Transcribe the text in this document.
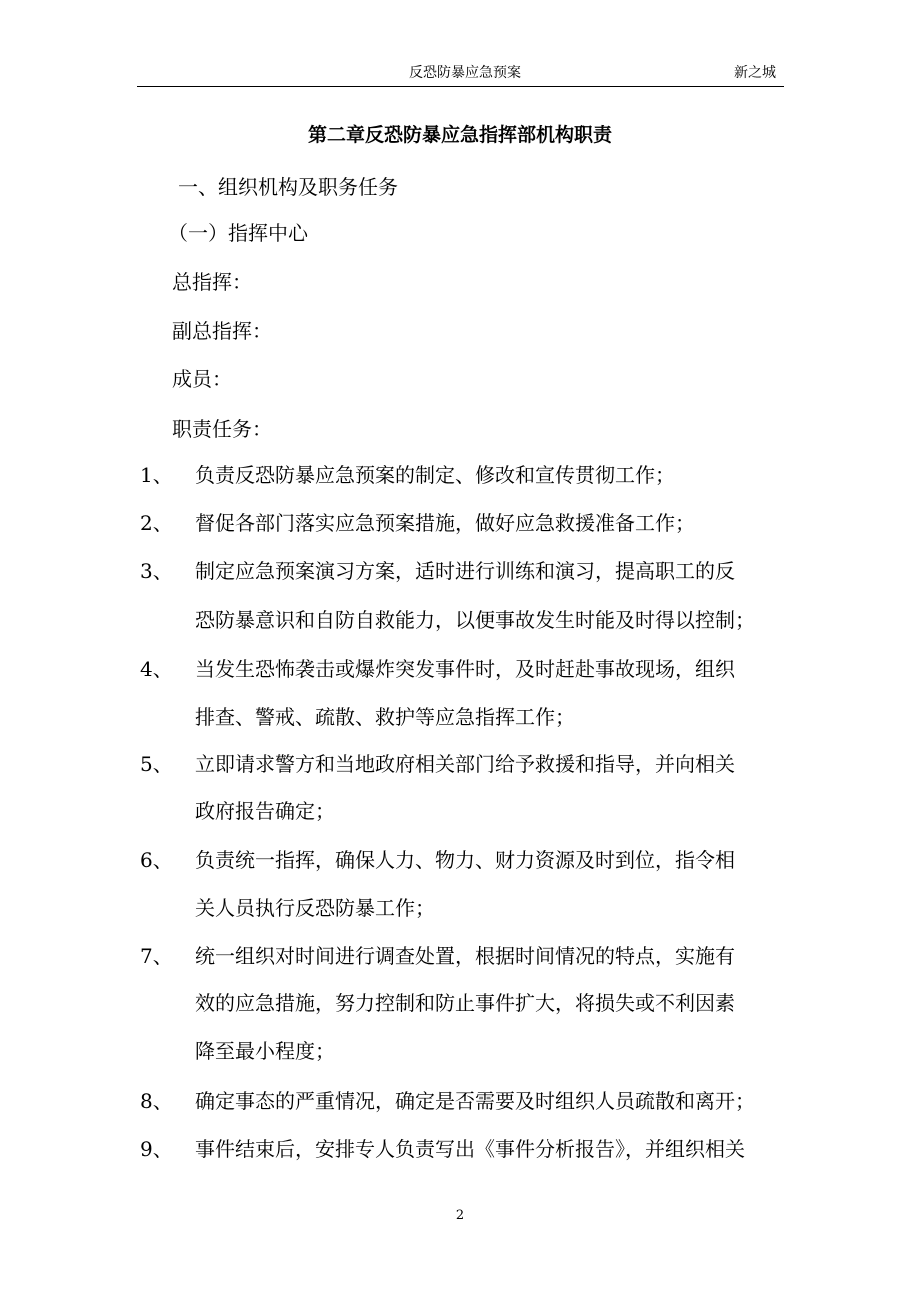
反恐防暴应急预案	新之城
第二章反恐防暴应急指挥部机构职责
一、组织机构及职务任务
（一）指挥中心
总指挥：
副总指挥：
成员：
职责任务：
1、 负责反恐防暴应急预案的制定、修改和宣传贯彻工作；
2、 督促各部门落实应急预案措施，做好应急救援准备工作；
3、 制定应急预案演习方案，适时进行训练和演习，提高职工的反
恐防暴意识和自防自救能力，以便事故发生时能及时得以控制；
4、 当发生恐怖袭击或爆炸突发事件时，及时赶赴事故现场，组织
排查、警戒、疏散、救护等应急指挥工作；
5、 立即请求警方和当地政府相关部门给予救援和指导，并向相关
政府报告确定；
6、 负责统一指挥，确保人力、物力、财力资源及时到位，指令相
关人员执行反恐防暴工作；
7、 统一组织对时间进行调查处置，根据时间情况的特点，实施有
效的应急措施，努力控制和防止事件扩大，将损失或不利因素
降至最小程度；
8、 确定事态的严重情况，确定是否需要及时组织人员疏散和离开；
9、 事件结束后，安排专人负责写出《事件分析报告》，并组织相关
2
